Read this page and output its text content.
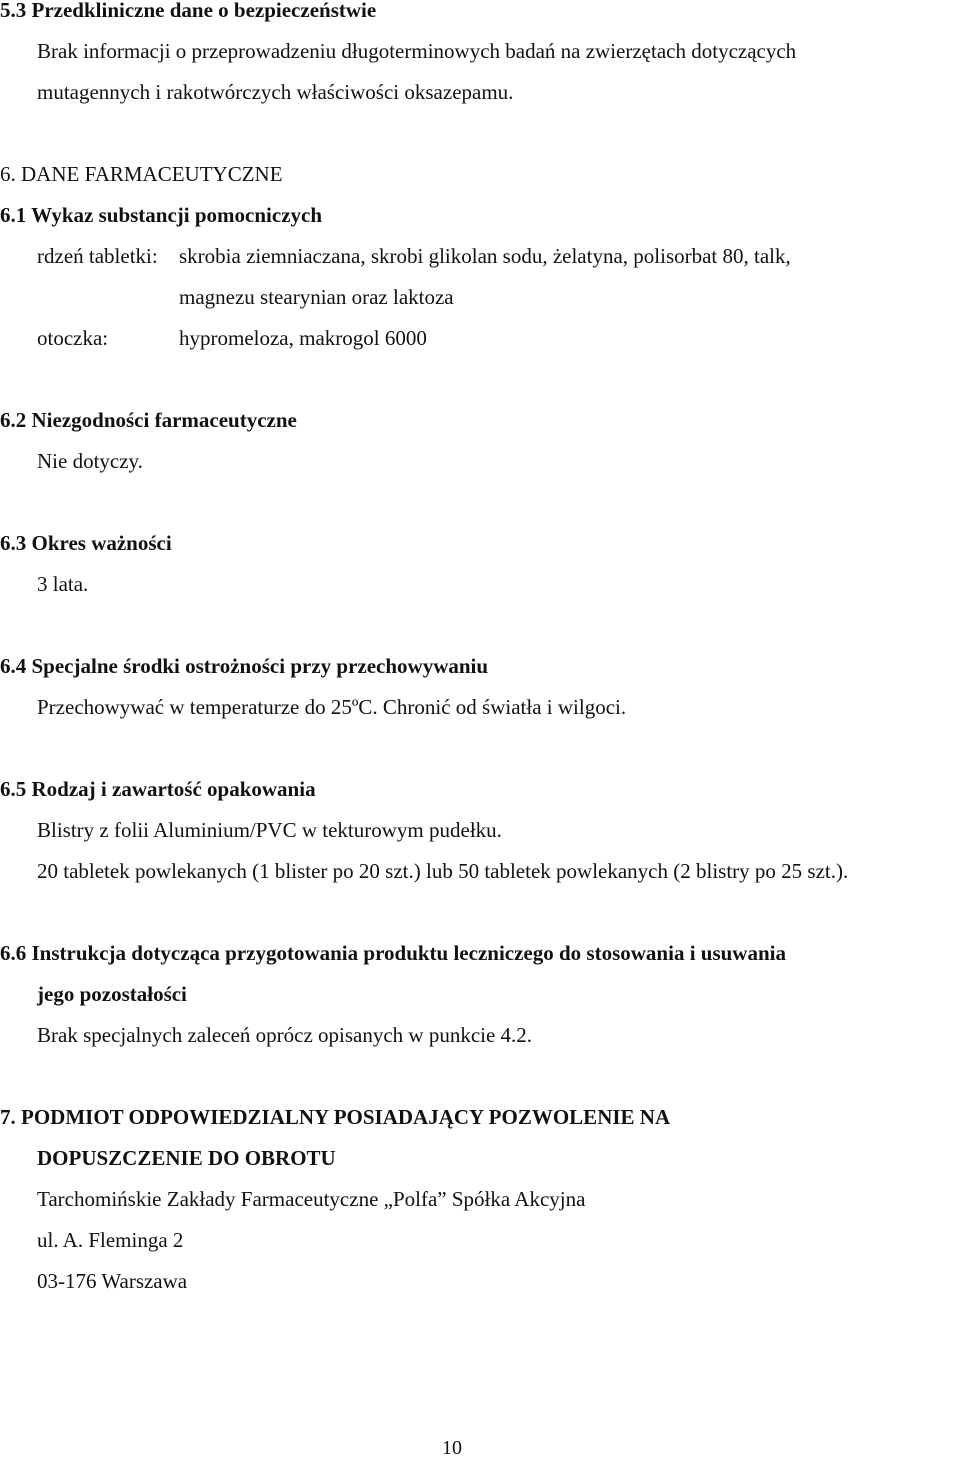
5.3 Przedkliniczne dane o bezpieczeństwie
Brak informacji o przeprowadzeniu długoterminowych badań na zwierzętach dotyczących
mutagennych i rakotwórczych właściwości oksazepamu.
6. DANE FARMACEUTYCZNE
6.1 Wykaz substancji pomocniczych
rdzeń tabletki: skrobia ziemniaczana, skrobi glikolan sodu, żelatyna, polisorbat 80, talk,
magnezu stearynian oraz laktoza
otoczka:	hypromeloza, makrogol 6000
6.2 Niezgodności farmaceutyczne
Nie dotyczy.
6.3 Okres ważności
3 lata.
6.4 Specjalne środki ostrożności przy przechowywaniu
Przechowywać w temperaturze do 25ºC. Chronić od światła i wilgoci.
6.5 Rodzaj i zawartość opakowania
Blistry z folii Aluminium/PVC w tekturowym pudełku.
20 tabletek powlekanych (1 blister po 20 szt.) lub 50 tabletek powlekanych (2 blistry po 25 szt.).
6.6 Instrukcja dotycząca przygotowania produktu leczniczego do stosowania i usuwania
jego pozostałości
Brak specjalnych zaleceń oprócz opisanych w punkcie 4.2.
7. PODMIOT ODPOWIEDZIALNY POSIADAJĄCY POZWOLENIE NA
DOPUSZCZENIE DO OBROTU
Tarchomińskie Zakłady Farmaceutyczne „Polfa” Spółka Akcyjna
ul. A. Fleminga 2
03-176 Warszawa
10
